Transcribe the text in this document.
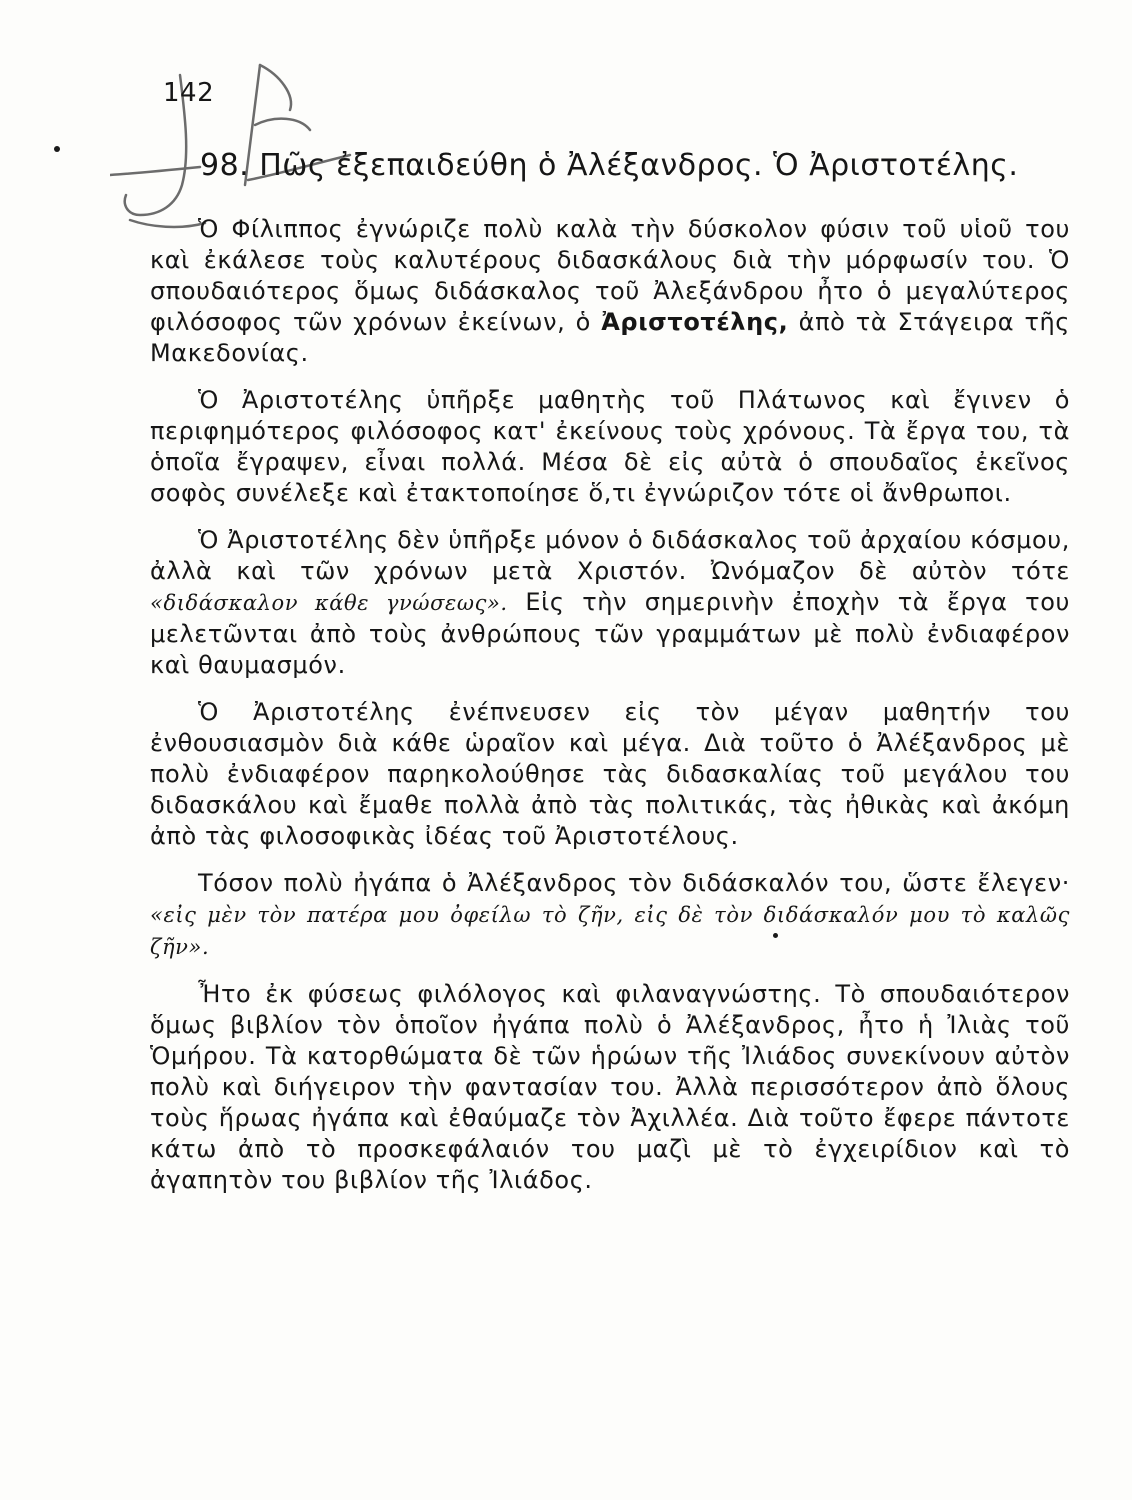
142
98. Πῶς ἐξεπαιδεύθη ὁ Ἀλέξανδρος. Ὁ Ἀριστοτέλης.

Ὁ Φίλιππος ἐγνώριζε πολὺ καλὰ τὴν δύσκολον φύσιν τοῦ υἱοῦ του καὶ ἐκάλεσε τοὺς καλυτέρους διδασκάλους διὰ τὴν μόρφωσίν του. Ὁ σπουδαιότερος ὅμως διδάσκαλος τοῦ Ἀλεξάνδρου ἦτο ὁ μεγαλύτερος φιλόσοφος τῶν χρόνων ἐκείνων, ὁ Ἀριστοτέλης, ἀπὸ τὰ Στάγειρα τῆς Μακεδονίας.

Ὁ Ἀριστοτέλης ὑπῆρξε μαθητὴς τοῦ Πλάτωνος καὶ ἔγινεν ὁ περιφημότερος φιλόσοφος κατ' ἐκείνους τοὺς χρόνους. Τὰ ἔργα του, τὰ ὁποῖα ἔγραψεν, εἶναι πολλά. Μέσα δὲ εἰς αὐτὰ ὁ σπουδαῖος ἐκεῖνος σοφὸς συνέλεξε καὶ ἐτακτοποίησε ὅ,τι ἐγνώριζον τότε οἱ ἄνθρωποι.

Ὁ Ἀριστοτέλης δὲν ὑπῆρξε μόνον ὁ διδάσκαλος τοῦ ἀρχαίου κόσμου, ἀλλὰ καὶ τῶν χρόνων μετὰ Χριστόν. Ὠνόμαζον δὲ αὐτὸν τότε «διδάσκαλον κάθε γνώσεως». Εἰς τὴν σημερινὴν ἐποχὴν τὰ ἔργα του μελετῶνται ἀπὸ τοὺς ἀνθρώπους τῶν γραμμάτων μὲ πολὺ ἐνδιαφέρον καὶ θαυμασμόν.

Ὁ Ἀριστοτέλης ἐνέπνευσεν εἰς τὸν μέγαν μαθητήν του ἐνθουσιασμὸν διὰ κάθε ὡραῖον καὶ μέγα. Διὰ τοῦτο ὁ Ἀλέξανδρος μὲ πολὺ ἐνδιαφέρον παρηκολούθησε τὰς διδασκαλίας τοῦ μεγάλου του διδασκάλου καὶ ἔμαθε πολλὰ ἀπὸ τὰς πολιτικάς, τὰς ἠθικὰς καὶ ἀκόμη ἀπὸ τὰς φιλοσοφικὰς ἰδέας τοῦ Ἀριστοτέλους.

Τόσον πολὺ ἠγάπα ὁ Ἀλέξανδρος τὸν διδάσκαλόν του, ὥστε ἔλεγεν· «εἰς μὲν τὸν πατέρα μου ὀφείλω τὸ ζῆν, εἰς δὲ τὸν διδάσκαλόν μου τὸ καλῶς ζῆν».

Ἦτο ἐκ φύσεως φιλόλογος καὶ φιλαναγνώστης. Τὸ σπουδαιότερον ὅμως βιβλίον τὸν ὁποῖον ἠγάπα πολὺ ὁ Ἀλέξανδρος, ἦτο ἡ Ἰλιὰς τοῦ Ὁμήρου. Τὰ κατορθώματα δὲ τῶν ἡρώων τῆς Ἰλιάδος συνεκίνουν αὐτὸν πολὺ καὶ διήγειρον τὴν φαντασίαν του. Ἀλλὰ περισσότερον ἀπὸ ὅλους τοὺς ἥρωας ἠγάπα καὶ ἐθαύμαζε τὸν Ἀχιλλέα. Διὰ τοῦτο ἔφερε πάντοτε κάτω ἀπὸ τὸ προσκεφάλαιόν του μαζὶ μὲ τὸ ἐγχειρίδιον καὶ τὸ ἀγαπητὸν του βιβλίον τῆς Ἰλιάδος.
